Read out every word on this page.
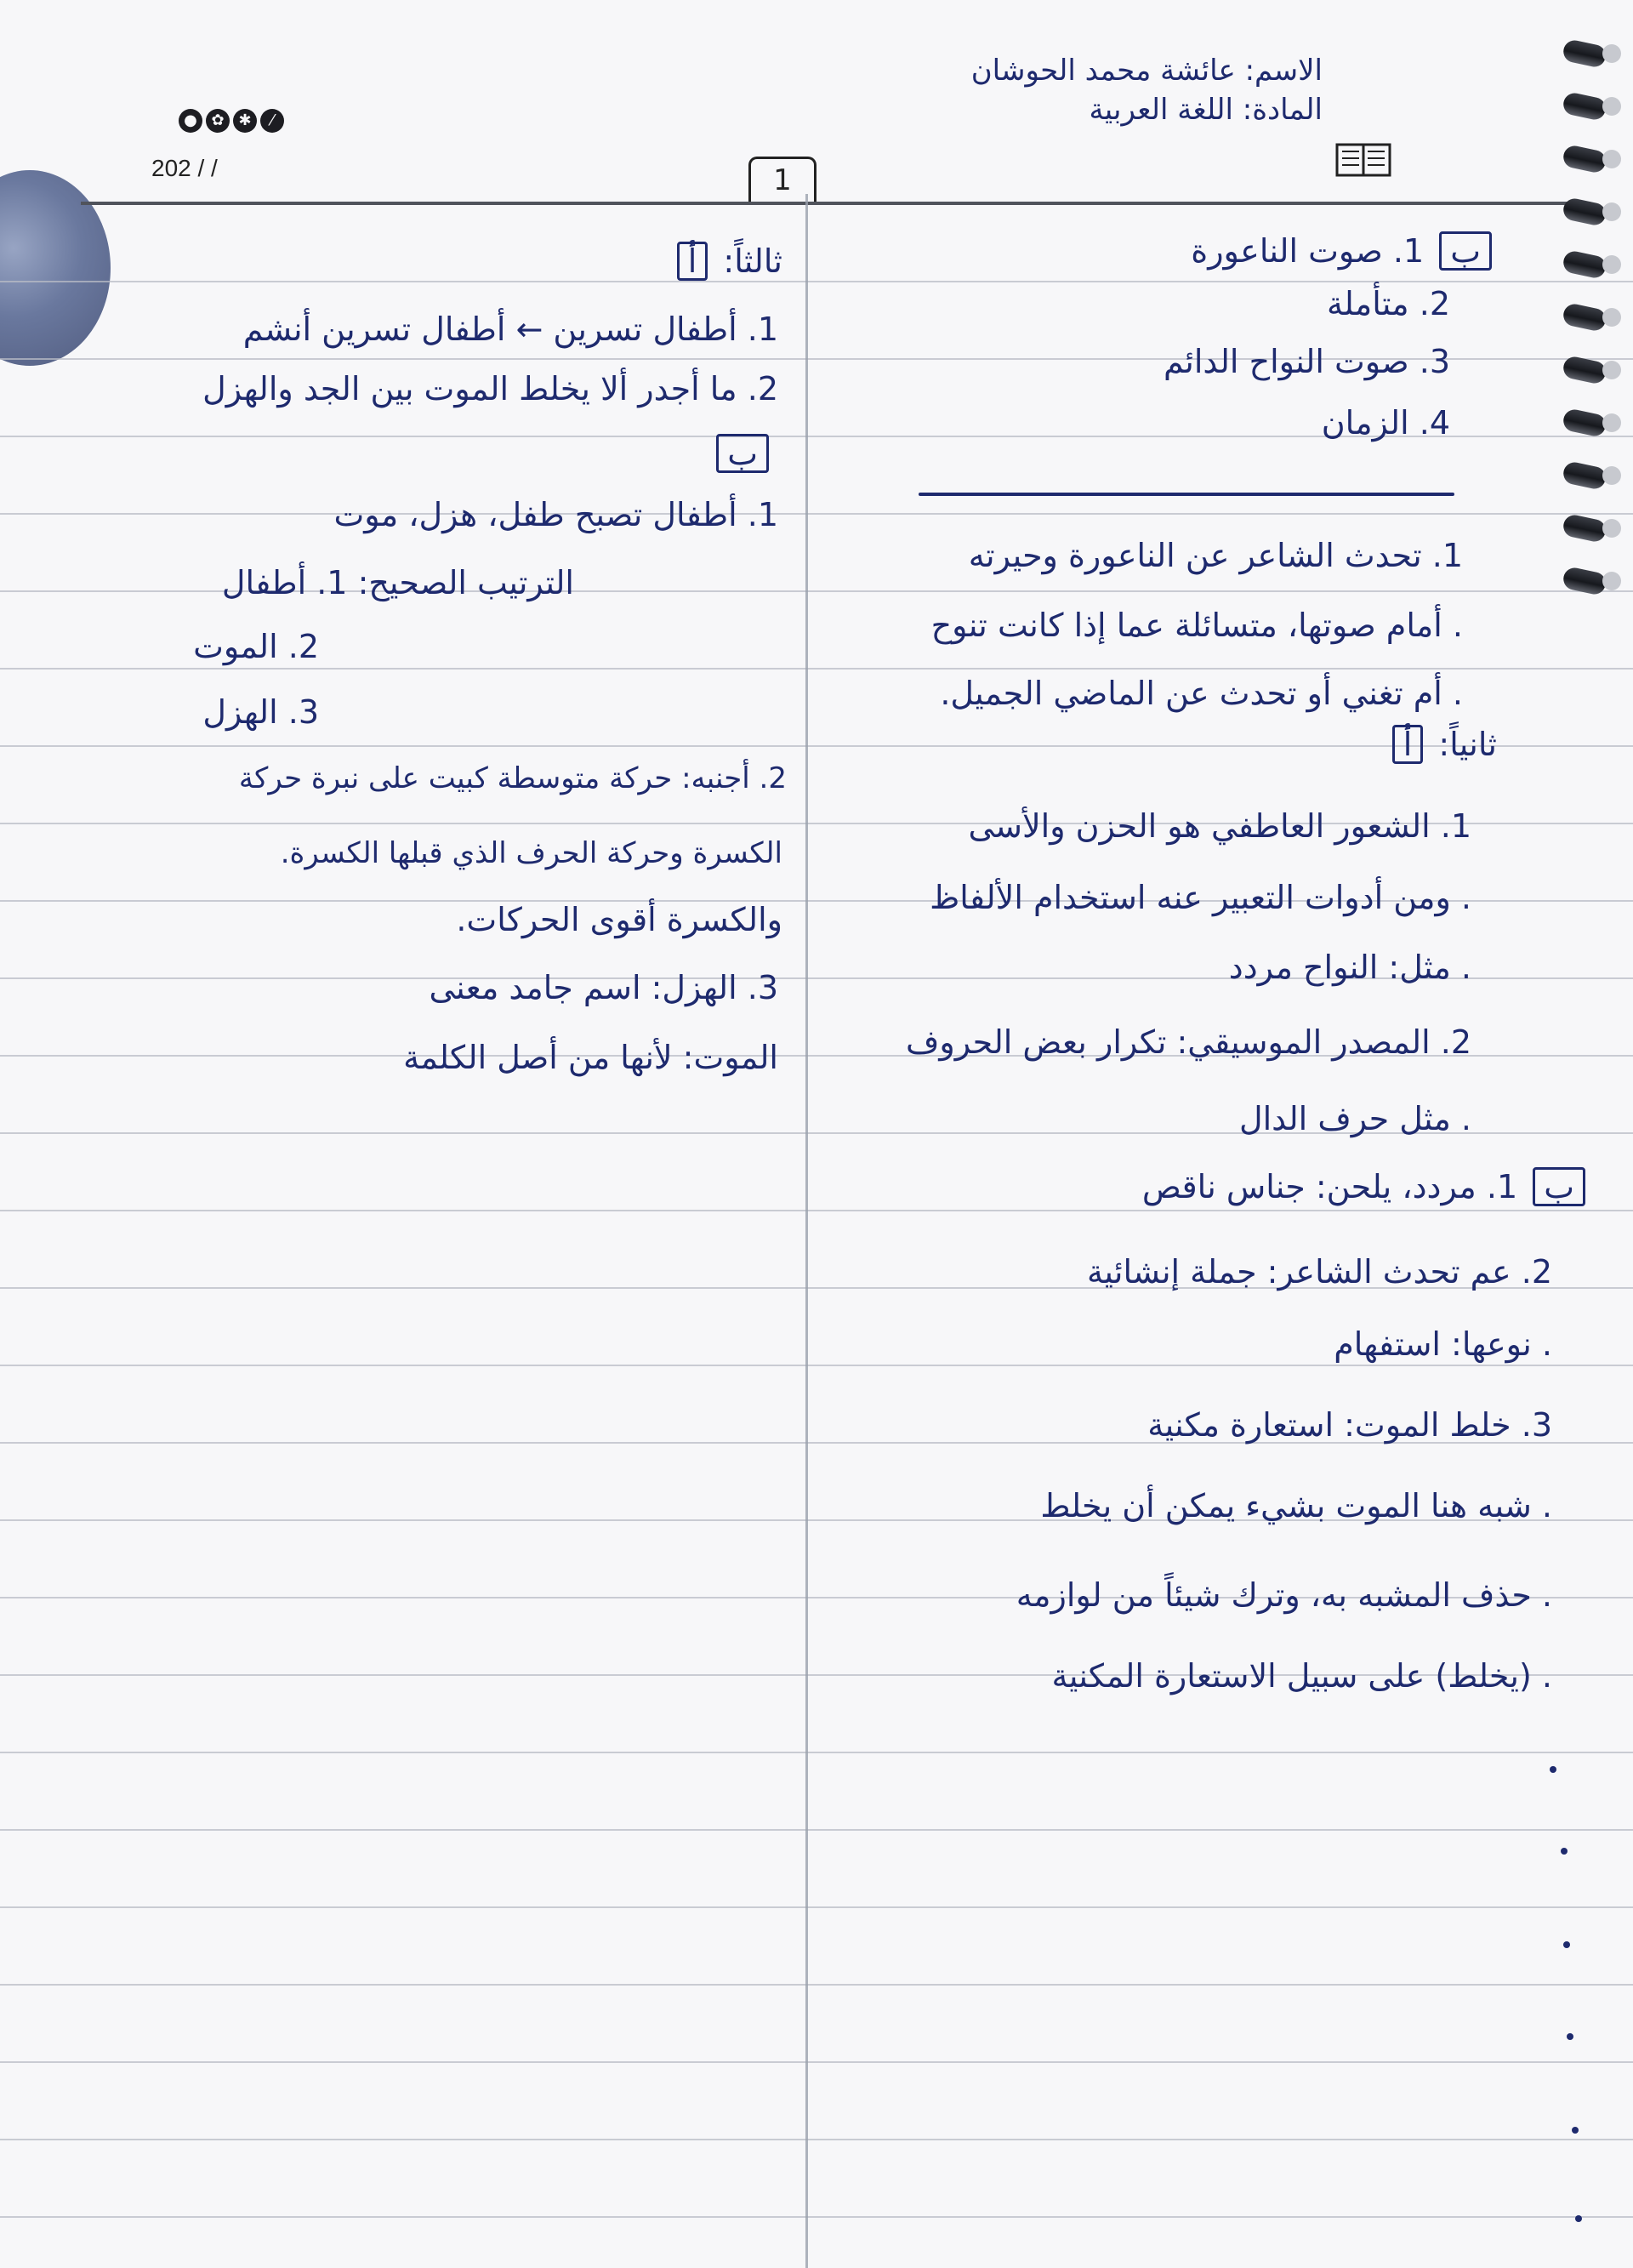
الاسم: عائشة محمد الحوشان
المادة: اللغة العربية
● ✿ ✱	⁄
202 / /	1
ب 1. صوت الناعورة
2. متأملة
3. صوت النواح الدائم
4. الزمان
1. تحدث الشاعر عن الناعورة وحيرته
. أمام صوتها، متسائلة عما إذا كانت تنوح
. أم تغني أو تحدث عن الماضي الجميل.
ثانياً: أ
1. الشعور العاطفي هو الحزن والأسى
. ومن أدوات التعبير عنه استخدام الألفاظ
. مثل: النواح مردد
2. المصدر الموسيقي: تكرار بعض الحروف
. مثل حرف الدال
ب 1. مردد، يلحن: جناس ناقص
2. عم تحدث الشاعر: جملة إنشائية
. نوعها: استفهام
3. خلط الموت: استعارة مكنية
. شبه هنا الموت بشيء يمكن أن يخلط
. حذف المشبه به، وترك شيئاً من لوازمه
. (يخلط) على سبيل الاستعارة المكنية
ثالثاً: أ
1. أطفال تسرين ← أطفال تسرين أنشم
2. ما أجدر ألا يخلط الموت بين الجد والهزل
ب
1. أطفال تصبح طفل، هزل، موت
الترتيب الصحيح: 1. أطفال
2. الموت
3. الهزل
2. أجنبه: حركة متوسطة كبيت على نبرة حركة
الكسرة وحركة الحرف الذي قبلها الكسرة.
والكسرة أقوى الحركات.
3. الهزل: اسم جامد معنى
الموت: لأنها من أصل الكلمة
